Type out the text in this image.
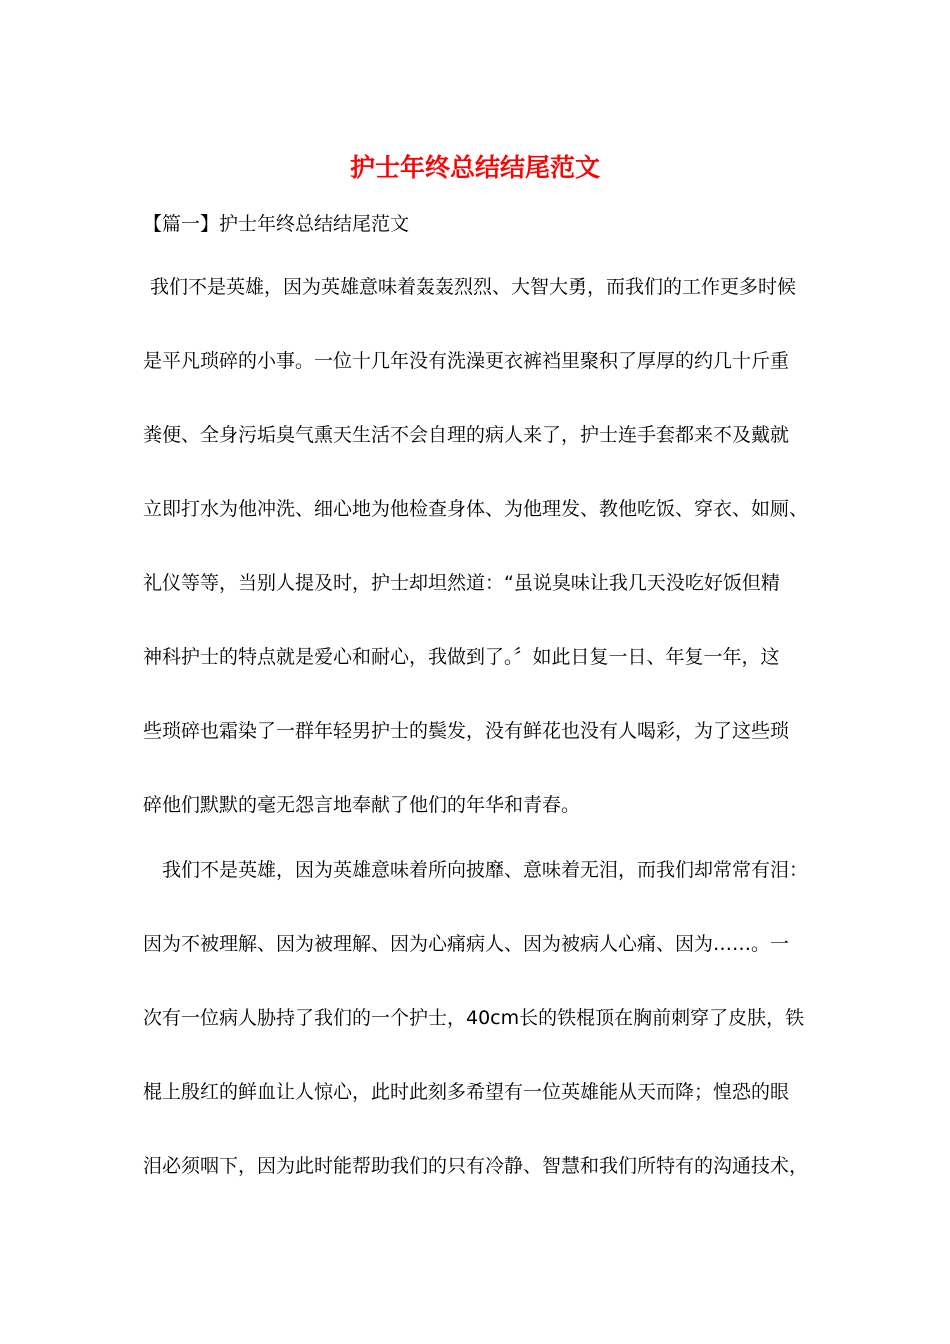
护士年终总结结尾范文

【篇一】护士年终总结结尾范文

我们不是英雄，因为英雄意味着轰轰烈烈、大智大勇，而我们的工作更多时候

是平凡琐碎的小事。一位十几年没有洗澡更衣裤裆里聚积了厚厚的约几十斤重

粪便、全身污垢臭气熏天生活不会自理的病人来了，护士连手套都来不及戴就

立即打水为他冲洗、细心地为他检查身体、为他理发、教他吃饭、穿衣、如厕、

礼仪等等，当别人提及时，护士却坦然道：“虽说臭味让我几天没吃好饭但精

神科护士的特点就是爱心和耐心，我做到了。〞如此日复一日、年复一年，这

些琐碎也霜染了一群年轻男护士的鬓发，没有鲜花也没有人喝彩，为了这些琐

碎他们默默的毫无怨言地奉献了他们的年华和青春。

我们不是英雄，因为英雄意味着所向披靡、意味着无泪，而我们却常常有泪：

因为不被理解、因为被理解、因为心痛病人、因为被病人心痛、因为……。一

次有一位病人胁持了我们的一个护士，40cm长的铁棍顶在胸前刺穿了皮肤，铁

棍上殷红的鲜血让人惊心，此时此刻多希望有一位英雄能从天而降；惶恐的眼

泪必须咽下，因为此时能帮助我们的只有冷静、智慧和我们所特有的沟通技术，
